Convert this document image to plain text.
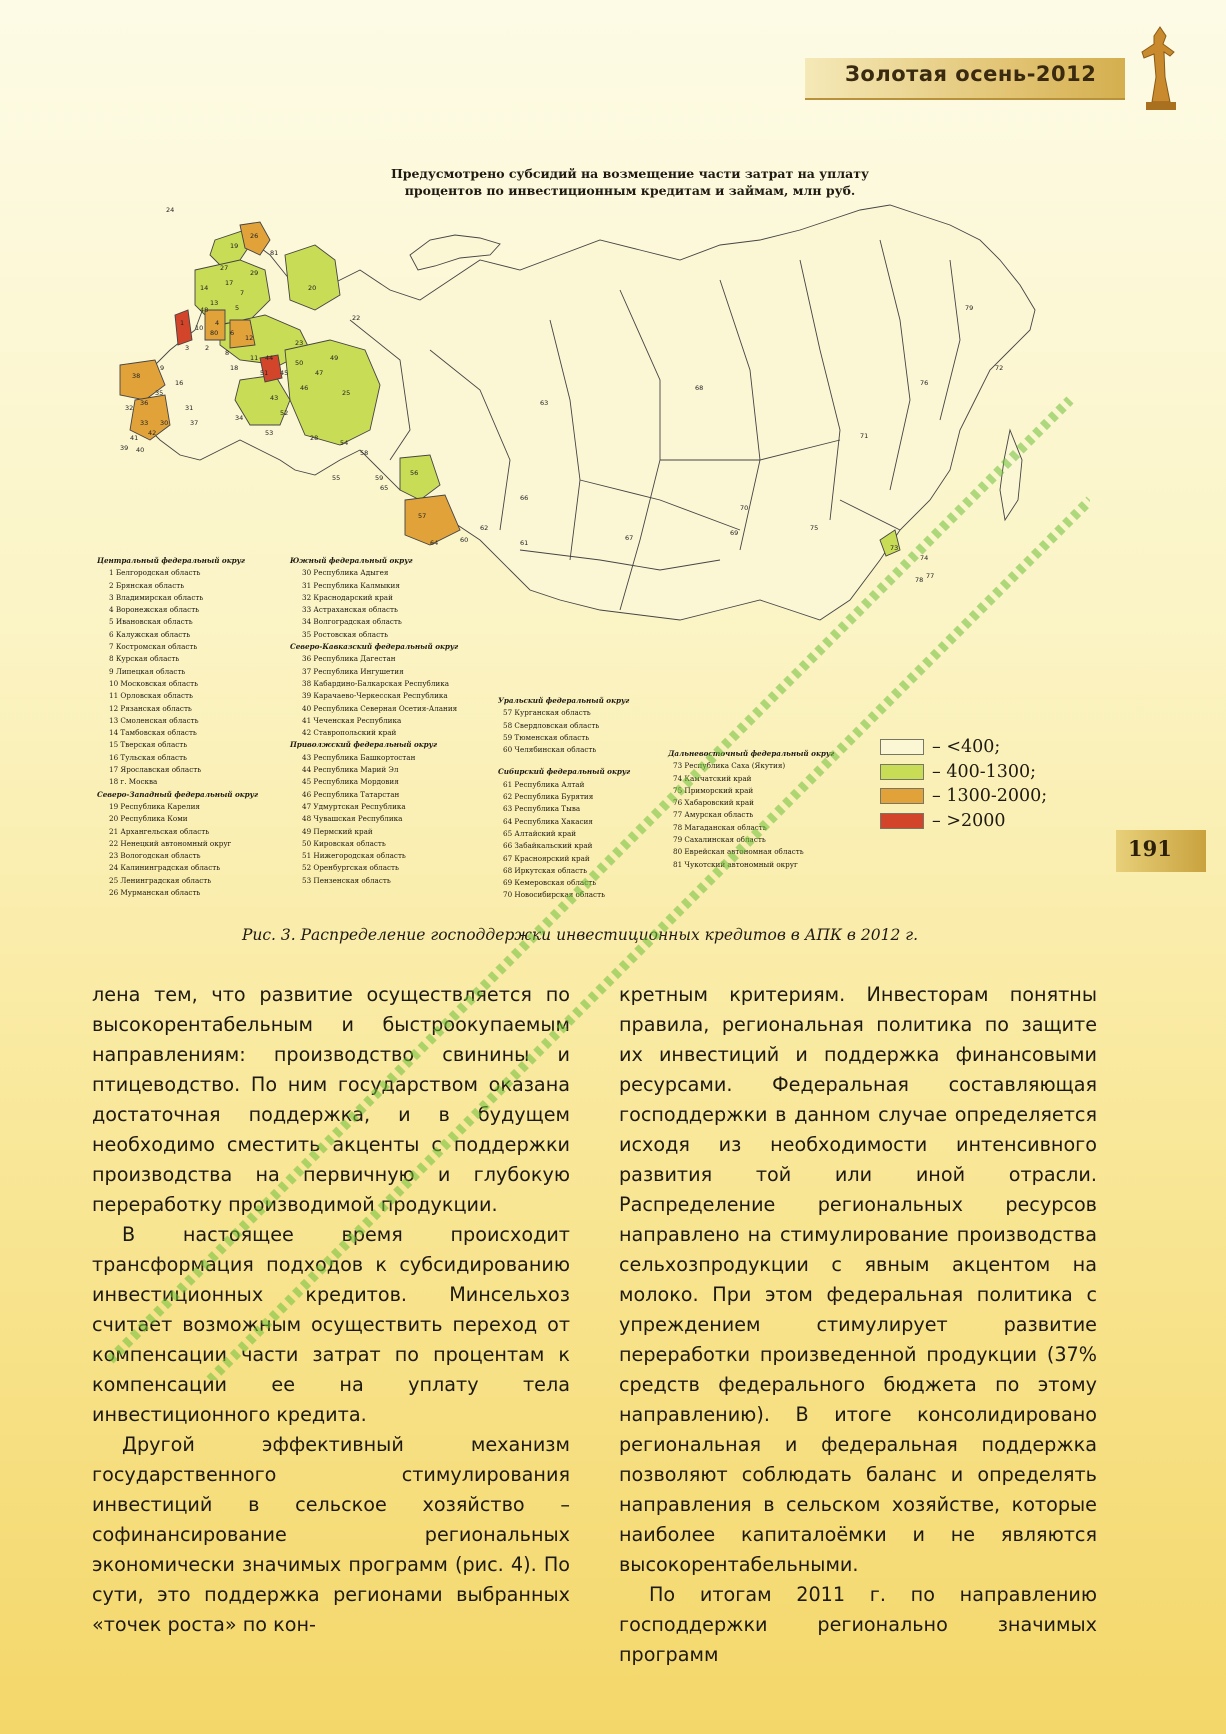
Золотая осень-2012
191
Предусмотрено субсидий на возмещение части затрат на уплату
процентов по инвестиционным кредитам и займам, млн руб.
24
19
20
26
22
1
27
14
17
7
13
5
4
10
6
12
3 2
8
9
16
11
38
35
36
31
33 30
28
34
32
37
41
42
39 40
43
44
45
46
47
49
50
51
52
53
54
55
56
57
58
59
60	61
62
63
64
65
66
67
68
69
70
71
72
73
74
75
76
77
78
79
80
81
18
23
25
29
48
Центральный федеральный округ
1 Белгородская область
2 Брянская область
3 Владимирская область
4 Воронежская область
5 Ивановская область
6 Калужская область
7 Костромская область
8 Курская область
9 Липецкая область
10 Московская область
11 Орловская область
12 Рязанская область
13 Смоленская область
14 Тамбовская область
15 Тверская область
16 Тульская область
17 Ярославская область
18 г. Москва
Северо-Западный федеральный округ
19 Республика Карелия
20 Республика Коми
21 Архангельская область
22 Ненецкий автономный округ
23 Вологодская область
24 Калининградская область
25 Ленинградская область
26 Мурманская область
Южный федеральный округ
30 Республика Адыгея
31 Республика Калмыкия
32 Краснодарский край
33 Астраханская область
34 Волгоградская область
35 Ростовская область
Северо-Кавказский федеральный округ
36 Республика Дагестан
37 Республика Ингушетия
38 Кабардино-Балкарская Республика
39 Карачаево-Черкесская Республика
40 Республика Северная Осетия-Алания
41 Чеченская Республика
42 Ставропольский край
Приволжский федеральный округ
43 Республика Башкортостан
44 Республика Марий Эл
45 Республика Мордовия
46 Республика Татарстан
47 Удмуртская Республика
48 Чувашская Республика
49 Пермский край
50 Кировская область
51 Нижегородская область
52 Оренбургская область
53 Пензенская область
Уральский федеральный округ
57 Курганская область
58 Свердловская область
59 Тюменская область
60 Челябинская область
Сибирский федеральный округ
61 Республика Алтай
62 Республика Бурятия
63 Республика Тыва
64 Республика Хакасия
65 Алтайский край
66 Забайкальский край
67 Красноярский край
68 Иркутская область
69 Кемеровская область
70 Новосибирская область
Дальневосточный федеральный округ
73 Республика Саха (Якутия)
74 Камчатский край
75 Приморский край
76 Хабаровский край
77 Амурская область
78 Магаданская область
79 Сахалинская область
80 Еврейская автономная область
81 Чукотский автономный округ
– <400;
– 400-1300;
– 1300-2000;
– >2000
Рис. 3. Распределение господдержки инвестиционных кредитов в АПК в 2012 г.

лена тем, что развитие осуществляется по высокорентабельным и быстроокупаемым направлениям: производство свинины и птицеводство. По ним государством оказана достаточная поддержка, и в будущем необходимо сместить акценты с поддержки производства на первичную и глубокую переработку производимой продукции.

В настоящее время происходит трансформация подходов к субсидированию инвестиционных кредитов. Минсельхоз считает возможным осуществить переход от компенсации части затрат по процентам к компенсации ее на уплату тела инвестиционного кредита.

Другой эффективный механизм государственного стимулирования инвестиций в сельское хозяйство – софинансирование региональных экономически значимых программ (рис. 4). По сути, это поддержка регионами выбранных «точек роста» по кон-

кретным критериям. Инвесторам понятны правила, региональная политика по защите их инвестиций и поддержка финансовыми ресурсами. Федеральная составляющая господдержки в данном случае определяется исходя из необходимости интенсивного развития той или иной отрасли. Распределение региональных ресурсов направлено на стимулирование производства сельхозпродукции с явным акцентом на молоко. При этом федеральная политика с упреждением стимулирует развитие переработки произведенной продукции (37% средств федерального бюджета по этому направлению). В итоге консолидировано региональная и федеральная поддержка позволяют соблюдать баланс и определять направления в сельском хозяйстве, которые наиболее капиталоёмки и не являются высокорентабельными.

По итогам 2011 г. по направлению господдержки регионально значимых программ
